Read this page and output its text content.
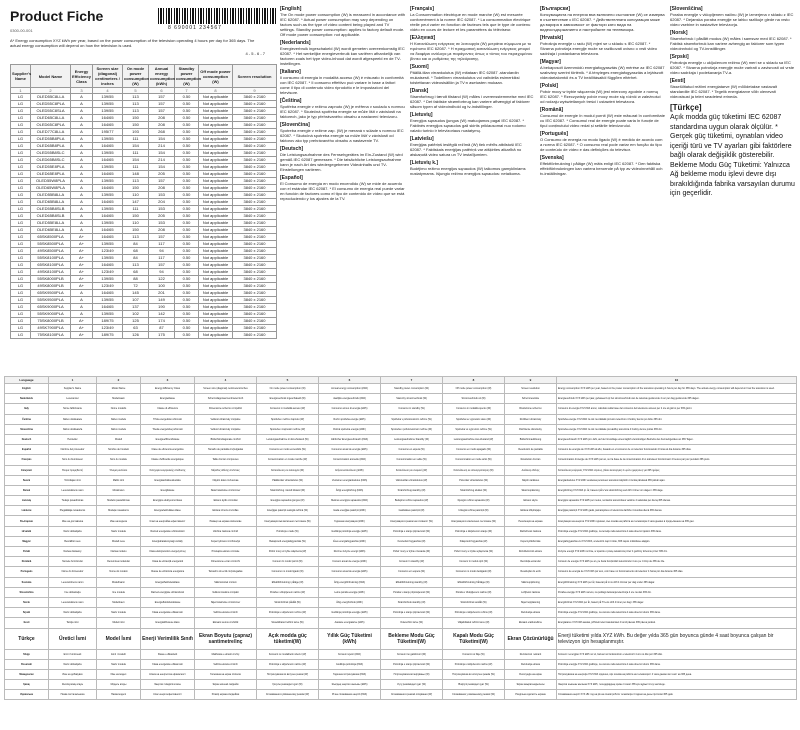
Product Fiche
8 690001 234567
0300-00-001
A* Energy consumption XYZ kWh per year, based on the power consumption of the television operating 4 hours per day for 365 days. The actual energy consumption will depend on how the television is used.
4 - 5 - 6 - 7
Supplier's Name	Model Name	Energy Efficiency Class	Screen size (diagonal) centimeters / inches	On mode power consumption (W)	Annual energy consumption (kWh)	Standby power consumption (W)	Off mode power consumption (W)	Screen resolution
1	2	3	4	5	6	7	8	9
LG	OLED55C8LLA	A	139/55	113	157	0.50	Not applicable	3840 x 2160
LG	OLED55C8PLA	A	139/55	113	157	0.50	Not applicable	3840 x 2160
LG	OLED55C8SLA	A	139/55	113	157	0.50	Not applicable	3840 x 2160
LG	OLED65C8LLA	A	164/65	150	208	0.50	Not applicable	3840 x 2160
LG	OLED65C8PLA	A	164/65	150	208	0.50	Not applicable	3840 x 2160
LG	OLED77C8LLA	A	195/77	193	268	0.50	Not applicable	3840 x 2160
LG	OLED55B8PLA	A	139/55	111	154	0.50	Not applicable	3840 x 2160
LG	OLED65B8PLA	A	164/65	154	214	0.50	Not applicable	3840 x 2160
LG	OLED55B8SLC	A	139/55	111	154	0.50	Not applicable	3840 x 2160
LG	OLED65B8SLC	A	164/65	154	214	0.50	Not applicable	3840 x 2160
LG	OLED55E8PLA	A	139/55	111	154	0.50	Not applicable	3840 x 2160
LG	OLED65E8PLA	A	164/65	148	205	0.50	Not applicable	3840 x 2160
LG	OLED55W8PLA	A	139/55	113	157	0.50	Not applicable	3840 x 2160
LG	OLED65W8PLA	A	164/65	150	208	0.50	Not applicable	3840 x 2160
LG	OLED55B8LLA	A	139/55	110	153	0.50	Not applicable	3840 x 2160
LG	OLED65B8LLA	A	164/65	147	204	0.50	Not applicable	3840 x 2160
LG	OLED55B8SLB	A	139/55	111	153	0.50	Not applicable	3840 x 2160
LG	OLED65B8SLB	A	164/65	150	205	0.50	Not applicable	3840 x 2160
LG	OLED55E8LLA	A	139/55	110	153	0.50	Not applicable	3840 x 2160
LG	OLED65E8LLA	A	164/65	150	208	0.50	Not applicable	3840 x 2160
LG	65SK8500PLA	A+	164/65	113	157	0.50	Not applicable	3840 x 2160
LG	55SK8500PLA	A+	139/55	84	117	0.50	Not applicable	3840 x 2160
LG	49SK8500PLA	A+	123/49	68	94	0.50	Not applicable	3840 x 2160
LG	55SK8100PLA	A+	139/55	84	117	0.50	Not applicable	3840 x 2160
LG	65SK8100PLA	A+	164/65	113	157	0.50	Not applicable	3840 x 2160
LG	49SK8100PLA	A+	123/49	68	94	0.50	Not applicable	3840 x 2160
LG	55SK8000PLB	A+	139/55	88	122	0.50	Not applicable	3840 x 2160
LG	49SK8000PLB	A+	123/49	72	100	0.50	Not applicable	3840 x 2160
LG	65SK9500PLA	A	164/65	145	201	0.50	Not applicable	3840 x 2160
LG	55SK9500PLA	A	139/55	107	149	0.50	Not applicable	3840 x 2160
LG	65SK9000PLA	A	164/65	137	190	0.50	Not applicable	3840 x 2160
LG	55SK9000PLA	A	139/55	102	142	0.50	Not applicable	3840 x 2160
LG	75SK8000PLB	A+	189/75	125	174	0.50	Not applicable	3840 x 2160
LG	49SK7900PLA	A+	123/49	63	87	0.50	Not applicable	3840 x 2160
LG	75SK8100PLA	A+	189/75	126	175	0.50	Not applicable	3840 x 2160
[English]
The On mode power consumption (W) is measured in accordance with IEC 62087. * Actual power consumption may vary depending on factors such as the type of video content being played and TV settings. Standby power consumption: applies to factory default mode. Off mode power consumption: not applicable.
[Nederlands]
Energieverbruik ingeschakeld (W) wordt gemeten overeenkomstig IEC 62087. * Het werkelijke energieverbruik kan variëren afhankelijk van factoren zoals het type video-inhoud dat wordt afgespeeld en de TV-instellingen.
[Italiano]
Il consumo di energia in modalità acceso (W) è misurato in conformità con IEC 62087. * Il consumo effettivo può variare in base a fattori come il tipo di contenuto video riprodotto e le impostazioni del televisore.
[Čeština]
Spotřeba energie v režimu zapnuto (W) je měřena v souladu s normou IEC 62087. * Skutečná spotřeba energie se může lišit v závislosti na faktorech, jako je typ přehrávaného obsahu a nastavení televizoru.
[Slovenčina]
Spotreba energie v režime zap. (W) je meraná v súlade s normou IEC 62087. * Skutočná spotreba energie sa môže líšiť v závislosti od faktorov ako typ prehrávaného obsahu a nastavenie TV.
[Deutsch]
Die Leistungsaufnahme des Fernsehgerätes im Ein-Zustand (W) wird gemäß IEC 62087 gemessen. * Die tatsächliche Leistungsaufnahme kann je nach Art des wiedergegebenen Videoinhalts und TV-Einstellungen variieren.
[Español]
El Consumo de energía en modo encendido (W) se mide de acuerdo con el estándar IEC 62087. * El consumo de energía real puede variar en función de factores como el tipo de contenido de vídeo que se está reproduciendo y los ajustes de la TV.
[Français]
La Consommation électrique en mode marche (W) est mesurée conformément à la norme IEC 62087. * La consommation électrique réelle peut varier en fonction de facteurs tels que le type de contenu vidéo en cours de lecture et les paramètres du téléviseur.
[Ελληνικά]
Η Κατανάλωση ενέργειας σε λειτουργία (W) μετράται σύμφωνα με το πρότυπο IEC 62087. * Η πραγματική κατανάλωση ενέργειας μπορεί να διαφέρει ανάλογα με παράγοντες όπως ο τύπος του περιεχομένου βίντεο και οι ρυθμίσεις της τηλεόρασης.
[Suomi]
Päällä-tilan virrankulutus (W) mitataan IEC 62087 -standardin mukaisesti. * Todellinen virrankulutus voi vaihdella esimerkiksi toistettavan videosisällön ja TV:n asetusten mukaan.
[Dansk]
Strømforbrug i tændt tilstand (W) måles i overensstemmelse med IEC 62087. * Det faktiske strømforbrug kan variere afhængigt af faktorer såsom typen af videoindhold og tv-indstillinger.
[Lietuvių]
Energijos sąnaudos įjungus (W) matuojamos pagal IEC 62087. * Faktinės energijos sąnaudos gali skirtis priklausomai nuo rodomo vaizdo turinio ir televizoriaus nustatymų.
[Latviešu]
Enerģijas patēriņš ieslēgtā režīmā (W) tiek mērīts atbilstoši IEC 62087. * Faktiskais enerģijas patēriņš var atšķirties atkarībā no atskaņotā video satura un TV iestatījumiem.
[Lietuvių k.]
Budėjimo režimo energijos sąnaudos (W) taikomos gamykliniams nustatymams. Išjungto režimo energijos sąnaudos: netaikoma.
[Български]
Консумацията на енергия във включено състояние (W) се измерва в съответствие с IEC 62087. * Действителната консумация може да варира в зависимост от фактори като вида на видеосъдържанието и настройките на телевизора.
[Hrvatski]
Potrošnja energije u radu (W) mjeri se u skladu s IEC 62087. * Stvarna potrošnja energije može se razlikovati ovisno o vrsti video sadržaja i postavkama televizora.
[Magyar]
A bekapcsolt üzemmódú energiafogyasztás (W) mérése az IEC 62087 szabvány szerint történik. * A tényleges energiafogyasztás a lejátszott videotartalomtól és a TV beállításaitól függően eltérhet.
[Polski]
Pobór mocy w trybie włączenia (W) jest mierzony zgodnie z normą IEC 62087. * Rzeczywisty pobór mocy może się różnić w zależności od rodzaju wyświetlanych treści i ustawień telewizora.
[Română]
Consumul de energie în modul pornit (W) este măsurat în conformitate cu IEC 62087. * Consumul real de energie poate varia în funcție de tipul conținutului video redat și setările televizorului.
[Português]
O Consumo de energia no modo ligado (W) é medido de acordo com a norma IEC 62087. * O consumo real pode variar em função do tipo de conteúdo de vídeo e das definições do televisor.
[Svenska]
Effektförbrukning i påläge (W) mäts enligt IEC 62087. * Den faktiska effektförbrukningen kan variera beroende på typ av videoinnehåll och tv-inställningar.
[Slovenščina]
Poraba energije v vklopljenem načinu (W) je izmerjena v skladu z IEC 62087. * Dejanska poraba energije se lahko razlikuje glede na vrsto video vsebine in nastavitve televizorja.
[Norsk]
Strømforbruk i påslått modus (W) måles i samsvar med IEC 62087. * Faktisk strømforbruk kan variere avhengig av faktorer som typen videoinnhold og TV-innstillinger.
[Srpski]
Potrošnja energije u uključenom režimu (W) meri se u skladu sa IEC 62087. * Stvarna potrošnja energije može varirati u zavisnosti od vrste video sadržaja i podešavanja TV-a.
[Eesti]
Sisselülitatud režiimi energiatarve (W) mõõdetakse vastavalt standardile IEC 62087. * Tegelik energiatarve võib olenevalt videosisust ja teleri seadetest erineda.
[Türkçe]
Açık modda güç tüketimi IEC 62087 standardına uygun olarak ölçülür. * Gerçek güç tüketimi, oynatılan video içeriği türü ve TV ayarları gibi faktörlere bağlı olarak değişiklik gösterebilir. Bekleme Modu Güç Tüketimi: Yalnızca Ağ bekleme modu işlevi devre dışı bırakıldığında fabrika varsayılan durumu için geçerlidir.
Language	1	2	3	4	5	6	7	8	9	10
English	Supplier's Name	Model Name	Energy Efficiency Class	Screen size (diagonal) centimeters/inches	On mode power consumption (W)	Annual energy consumption (kWh)	Standby power consumption (W)	Off mode power consumption (W)	Screen resolution	Energy consumption XYZ kWh per year, based on the power consumption of the television operating 4 hours per day for 365 days. The actual energy consumption will depend on how the television is used.
Nederlands	Leverancier	Modelnaam	Energieklasse	Schermdiagonaal centimeter/inch	Energieverbruik ingeschakeld (W)	Jaarlijks energieverbruik (kWh)	Stand-by stroomverbruik (W)	Stroomverbruik uit (W)	Schermresolutie	Energieverbruik XYZ kWh per jaar, gebaseerd op het stroomverbruik van de televisie gedurende 4 uur per dag gedurende 365 dagen.
Italy	Nome fabbricante	Nome modello	Classe di efficienza	Dimensione schermo cm/pollici	Consumo in modalità acceso (W)	Consumo annuo di energia (kWh)	Consumo in standby (W)	Consumo in modalità spento (W)	Risoluzione schermo	Consumo di energia XYZ kWh annui, calcolato sulla base del consumo del televisore acceso per 4 ore al giorno per 365 giorni.
Čeština	Název dodavatele	Název modelu	Třída energetické účinnosti	Velikost obrazovky cm/palce	Spotřeba v režimu zapnuto (W)	Roční spotřeba energie (kWh)	Spotřeba v pohotovostním režimu (W)	Spotřeba ve vypnutém stavu (W)	Rozlišení obrazovky	Spotřeba energie XYZ kWh za rok na základě provozu televizoru 4 hodiny denně po dobu 365 dní.
Slovenčina	Názov dodávateľa	Názov modelu	Trieda energetickej účinnosti	Veľkosť obrazovky cm/palce	Spotreba v zapnutom režime (W)	Ročná spotreba energie (kWh)	Spotreba v pohotovostnom režime (W)	Spotreba vo vypnutom režime (W)	Rozlíšenie obrazovky	Spotreba energie XYZ kWh za rok na základe prevádzky televízora 4 hodiny denne počas 365 dní.
Deutsch	Hersteller	Modell	Energieeffizienzklasse	Bildschirmdiagonale cm/Zoll	Leistungsaufnahme im Ein-Zustand (W)	Jährlicher Energieverbrauch (kWh)	Leistungsaufnahme Standby (W)	Leistungsaufnahme Aus-Zustand (W)	Bildschirmauflösung	Energieverbrauch XYZ kWh pro Jahr, auf der Grundlage eines täglich vierstündigen Betriebs des Fernsehgerätes an 365 Tagen.
Español	Nombre del proveedor	Nombre del modelo	Clase de eficiencia energética	Tamaño de pantalla cm/pulgadas	Consumo en modo encendido (W)	Consumo anual de energía (kWh)	Consumo en espera (W)	Consumo en modo apagado (W)	Resolución de pantalla	Consumo de energía de XYZ kWh al año, basado en el consumo de un televisor funcionando 4 horas al día durante 365 días.
Français	Nom du fournisseur	Nom du modèle	Classe d'efficacité énergétique	Taille d'écran cm/pouces	Consommation en mode marche (W)	Consommation annuelle (kWh)	Consommation en veille (W)	Consommation en mode arrêt (W)	Résolution d'écran	Consommation d'énergie de XYZ kWh par an, sur la base de la consommation d'un téléviseur fonctionnant 4 heures par jour pendant 365 jours.
Ελληνικά	Όνομα προμηθευτή	Όνομα μοντέλου	Κατηγορία ενεργειακής απόδοσης	Μέγεθος οθόνης cm/ίντσες	Κατανάλωση σε λειτουργία (W)	Ετήσια κατανάλωση (kWh)	Κατανάλωση σε αναμονή (W)	Κατανάλωση σε απενεργοποίηση (W)	Ανάλυση οθόνης	Κατανάλωση ενέργειας XYZ kWh ετησίως, βάσει λειτουργίας 4 ωρών ημερησίως για 365 ημέρες.
Suomi	Toimittajan nimi	Mallin nimi	Energiatehokkuusluokka	Näytön koko cm/tuumaa	Päällä-tilan virrankulutus (W)	Vuotuinen energiankulutus (kWh)	Valmiustilan virrankulutus (W)	Pois-tilan virrankulutus (W)	Näytön tarkkuus	Energiankulutus XYZ kWh vuodessa perustuen television käyttöön 4 tuntia päivässä 365 päivän ajan.
Dansk	Leverandørens navn	Modelnavn	Energiklasse	Skærmstørrelse cm/tommer	Strømforbrug i tændt tilstand (W)	Årligt energiforbrug (kWh)	Strømforbrug standby (W)	Strømforbrug slukket (W)	Skærmopløsning	Energiforbrug XYZ kWh pr. år, baseret på tv'ets strømforbrug ved drift 4 timer om dagen i 365 dage.
Lietuvių	Tiekėjo pavadinimas	Modelio pavadinimas	Energijos efektyvumo klasė	Ekrano dydis cm/coliai	Energijos sąnaudos įjungus (W)	Metinės energijos sąnaudos (kWh)	Budėjimo režimo sąnaudos (W)	Išjungto režimo sąnaudos (W)	Ekrano skyra	Energijos sąnaudos XYZ kWh per metus, remiantis televizoriaus veikimu 4 valandas per dieną 365 dienas.
Latviešu	Piegādātāja nosaukums	Modeļa nosaukums	Energoefektivitātes klase	Ekrāna izmērs cm/collas	Enerģijas patēriņš ieslēgtā režīmā (W)	Gada enerģijas patēriņš (kWh)	Gaidstāves patēriņš (W)	Izslēgtā režīma patēriņš (W)	Ekrāna izšķirtspēja	Enerģijas patēriņš XYZ kWh gadā, pamatojoties uz televizora darbību 4 stundas dienā 365 dienas.
Български	Име на доставчика	Име на модела	Клас на енергийна ефективност	Размер на екрана см/инчове	Консумация във включено състояние (W)	Годишна консумация (kWh)	Консумация в режим на готовност (W)	Консумация в изключено състояние (W)	Резолюция на екрана	Консумация на енергия XYZ kWh годишно, въз основа на работа на телевизора 4 часа дневно в продължение на 365 дни.
Hrvatski	Naziv dobavljača	Naziv modela	Razred energetske učinkovitosti	Veličina zaslona cm/inči	Potrošnja u radu (W)	Godišnja potrošnja energije (kWh)	Potrošnja u stanju pripravnosti (W)	Potrošnja u isključenom stanju (W)	Razlučivost zaslona	Potrošnja energije XYZ kWh godišnje, na temelju rada televizora 4 sata dnevno tijekom 365 dana.
Magyar	Beszállító neve	Modell neve	Energiahatékonysági osztály	Képernyőméret cm/hüvelyk	Bekapcsolt energiafogyasztás (W)	Éves energiafogyasztás (kWh)	Készenléti fogyasztás (W)	Kikapcsolt fogyasztás (W)	Képernyőfelbontás	Energiafogyasztás évi XYZ kWh, a televízió napi 4 órás, 365 napos működése alapján.
Polski	Nazwa dostawcy	Nazwa modelu	Klasa efektywności energetycznej	Przekątna ekranu cm/cale	Pobór mocy w trybie włączenia (W)	Roczne zużycie energii (kWh)	Pobór mocy w trybie czuwania (W)	Pobór mocy w trybie wyłączenia (W)	Rozdzielczość ekranu	Zużycie energii XYZ kWh rocznie, w oparciu o pracę telewizora przez 4 godziny dziennie przez 365 dni.
Română	Numele furnizorului	Denumirea modelului	Clasa de eficiență energetică	Dimensiune ecran cm/inchi	Consum în modul pornit (W)	Consum anual de energie (kWh)	Consum în standby (W)	Consum în modul oprit (W)	Rezoluția ecranului	Consum de energie XYZ kWh pe an, pe baza funcționării televizorului 4 ore pe zi timp de 365 de zile.
Português	Nome do fornecedor	Nome do modelo	Classe de eficiência energética	Tamanho do ecrã cm/polegadas	Consumo no modo ligado (W)	Consumo anual de energia (kWh)	Consumo em espera (W)	Consumo no modo desligado (W)	Resolução do ecrã	Consumo de energia de XYZ kWh por ano, com base no funcionamento do televisor 4 horas por dia durante 365 dias.
Svenska	Leverantörens namn	Modellnamn	Energieffektivitetsklass	Skärmstorlek cm/tum	Effektförbrukning i påläge (W)	Årlig energiförbrukning (kWh)	Effektförbrukning standby (W)	Effektförbrukning frånläge (W)	Skärmupplösning	Energiförbrukning XYZ kWh per år, baserat på tv:ns drift 4 timmar per dag under 365 dagar.
Slovenščina	Ime dobavitelja	Ime modela	Razred energijske učinkovitosti	Velikost zaslona cm/palci	Poraba v vklopljenem načinu (W)	Letna poraba energije (kWh)	Poraba v stanju pripravljenosti (W)	Poraba v izklopljenem načinu (W)	Ločljivost zaslona	Poraba energije XYZ kWh na leto, na podlagi delovanja televizorja 4 ure na dan 365 dni.
Norsk	Leverandørens navn	Modellnavn	Energieffektivitetsklasse	Skjermstørrelse cm/tommer	Strømforbruk påslått (W)	Årlig energiforbruk (kWh)	Strømforbruk standby (W)	Strømforbruk avslått (W)	Skjermoppløsning	Energiforbruk XYZ kWh per år, basert på TV-ens drift 4 timer per dag i 365 dager.
Srpski	Naziv dobavljača	Naziv modela	Klasa energetske efikasnosti	Veličina ekrana cm/inči	Potrošnja u uključenom režimu (W)	Godišnja potrošnja energije (kWh)	Potrošnja u stanju pripravnosti (W)	Potrošnja u isključenom režimu (W)	Rezolucija ekrana	Potrošnja energije XYZ kWh godišnje, na osnovu rada televizora 4 sata dnevno tokom 365 dana.
Eesti	Tarnija nimi	Mudeli nimi	Energiatõhususe klass	Ekraani suurus cm/tollid	Sisselülitatud režiimi tarve (W)	Aastane energiatarve (kWh)	Ooterežiimi tarve (W)	Väljalülitatud režiimi tarve (W)	Ekraani eraldusvõime	Energiatarve XYZ kWh aastas, põhineb teleri kasutamisel 4 tundi päevas 365 päeva jooksul.
Türkçe	Üretici İsmi	Model İsmi	Enerji Verimlilik Sınıfı	Ekran Boyutu (çapraz) santimetre/inç	Açık modda güç tüketimi(W)	Yıllık Güç Tüketimi (kWh)	Bekleme Modu Güç Tüketimi(W)	Kapalı Modu Güç Tüketimi(W)	Ekran Çözünürlüğü	Enerji tüketimi yılda XYZ kWh. Bu değer yılda 365 gün boyunca günde 4 saat boyunca çalışan bir televizyon için hesaplanmıştır.
Shqip	Emri i furnizuesit	Emri i modelit	Klasa e efikasitetit	Madhësia e ekranit cm/inç	Konsumi në modalitetin ndezur (W)	Konsumi vjetor (kWh)	Konsumi në gatishmëri (W)	Konsumi në fikje (W)	Rezolucioni i ekranit	Konsumi i energjisë XYZ kWh në vit, bazuar në funksionimin e televizorit 4 orë në ditë për 365 ditë.
Bosanski	Naziv dobavljača	Naziv modela	Klasa energetske efikasnosti	Veličina ekrana cm/inči	Potrošnja u uključenom načinu (W)	Godišnja potrošnja (kWh)	Potrošnja u stanju pripravnosti (W)	Potrošnja u isključenom načinu (W)	Rezolucija ekrana	Potrošnja energije XYZ kWh godišnje, na osnovu rada televizora 4 sata dnevno tokom 365 dana.
Македонски	Име на добавувач	Име на модел	Класа на енергетска ефикасност	Големина на екран cm/инчи	Потрошувачка во вклучен режим (W)	Годишна потрошувачка (kWh)	Потрошувачка во мирување (W)	Потрошувачка во исклучен режим (W)	Резолуција на екран	Потрошувачка на енергија XYZ kWh годишно, врз основа на работа на телевизорот 4 часа дневно во текот на 365 дена.
Қазақ	Жеткізушінің атауы	Модель атауы	Энергия тиімділік класы	Экран өлшемі см/дюйм	Қосулы режимдегі қуат (W)	Жылдық энергия шығыны (kWh)	Күту режиміндегі қуат (W)	Өшірулі режимдегі қуат (W)	Экран ажыратымдылығы	Энергия шығыны жылына XYZ kWh, теледидардың күніне 4 сағат 365 күн жұмыс істеуі негізінде.
Українська	Назва постачальника	Назва моделі	Клас енергоефективності	Розмір екрана см/дюйми	Споживання в увімкненому режимі (W)	Річне споживання енергії (kWh)	Споживання в режимі очікування (W)	Споживання у вимкненому режимі (W)	Роздільна здатність екрана	Споживання енергії XYZ кВт·год на рік на основі роботи телевізора 4 години на день протягом 365 днів.
